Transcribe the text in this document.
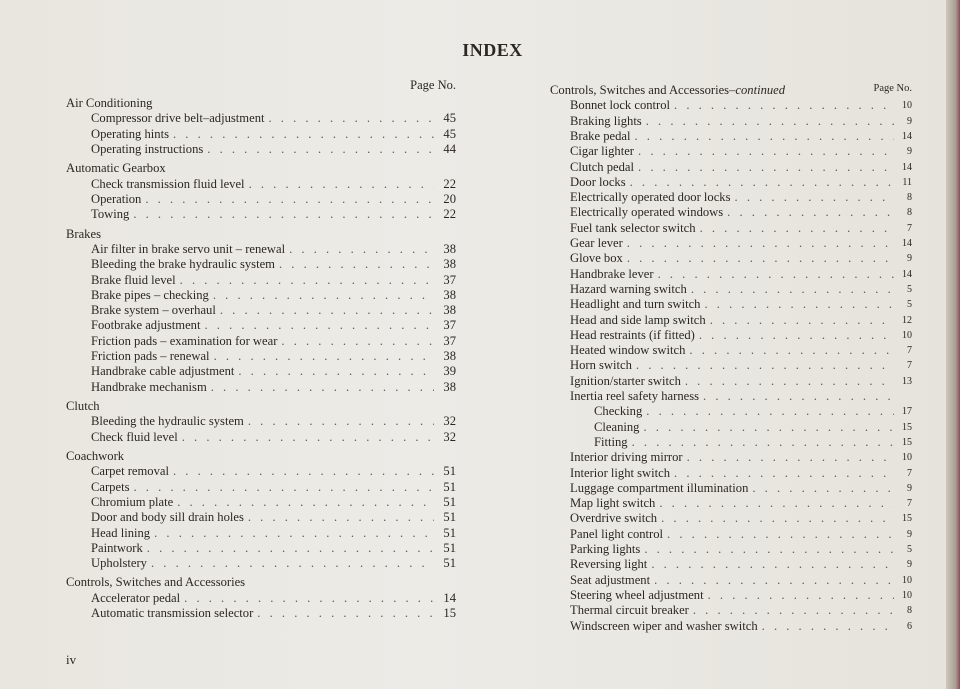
INDEX
Page No.
Air Conditioning
Compressor drive belt–adjustment . . .	45
Operating hints . . .	45
Operating instructions . . .	44
Automatic Gearbox
Check transmission fluid level . . .	22
Operation . . .	20
Towing . . .	22
Brakes
Air filter in brake servo unit – renewal . . .	38
Bleeding the brake hydraulic system . . .	38
Brake fluid level . . .	37
Brake pipes – checking . . .	38
Brake system – overhaul . . .	38
Footbrake adjustment . . .	37
Friction pads – examination for wear . . .	37
Friction pads – renewal . . .	38
Handbrake cable adjustment . . .	39
Handbrake mechanism . . .	38
Clutch
Bleeding the hydraulic system . . .	32
Check fluid level . . .	32
Coachwork
Carpet removal . . .	51
Carpets . . .	51
Chromium plate . . .	51
Door and body sill drain holes . . .	51
Head lining . . .	51
Paintwork . . .	51
Upholstery . . .	51
Controls, Switches and Accessories
Accelerator pedal . . .	14
Automatic transmission selector . . .	15
Page No.
Controls, Switches and Accessories–continued
Bonnet lock control . . .	10
Braking lights . . .	9
Brake pedal . . .	14
Cigar lighter . . .	9
Clutch pedal . . .	14
Door locks . . .	11
Electrically operated door locks . . .	8
Electrically operated windows . . .	8
Fuel tank selector switch . . .	7
Gear lever . . .	14
Glove box . . .	9
Handbrake lever . . .	14
Hazard warning switch . . .	5
Headlight and turn switch . . .	5
Head and side lamp switch . . .	12
Head restraints (if fitted) . . .	10
Heated window switch . . .	7
Horn switch . . .	7
Ignition/starter switch . . .	13
Inertia reel safety harness
. . .
Checking . . .	17
Cleaning . . .	15
Fitting . . .	15
Interior driving mirror . . .	10
Interior light switch . . .	7
Luggage compartment illumination . . .	9
Map light switch . . .	7
Overdrive switch . . .	15
Panel light control . . .	9
Parking lights . . .	5
Reversing light . . .	9
Seat adjustment . . .	10
Steering wheel adjustment . . .	10
Thermal circuit breaker . . .	8
Windscreen wiper and washer switch . . .	6
iv
